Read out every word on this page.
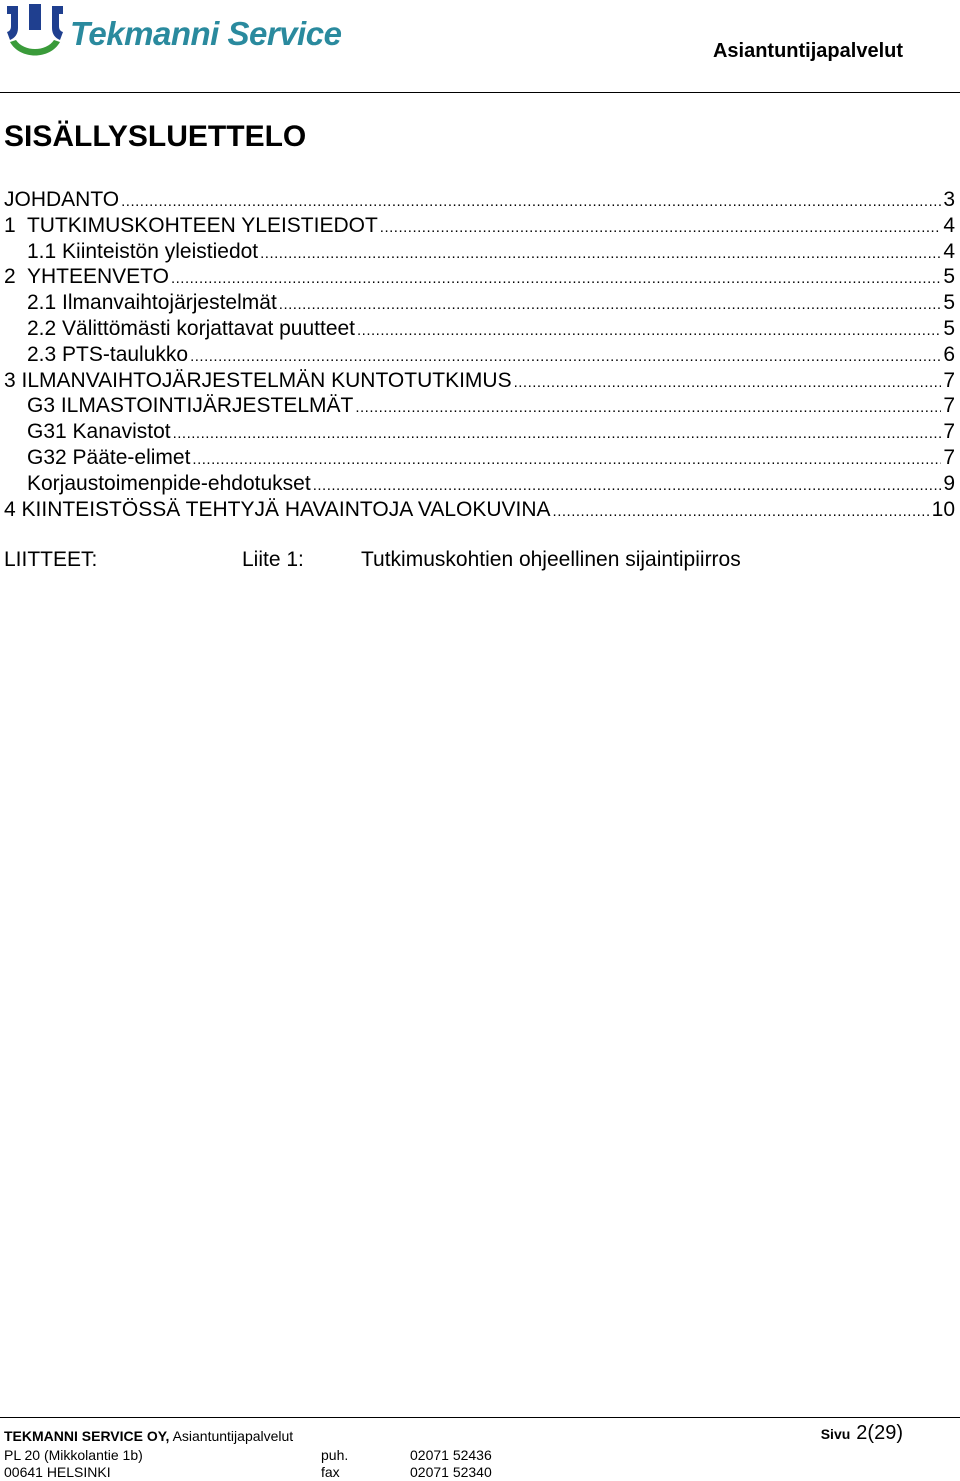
Tekmanni Service	Asiantuntijapalvelut
SISÄLLYSLUETTELO
JOHDANTO .....	3
1  TUTKIMUSKOHTEEN YLEISTIEDOT .....	4
1.1 Kiinteistön yleistiedot .....	4
2  YHTEENVETO .....	5
2.1 Ilmanvaihtojärjestelmät .....	5
2.2 Välittömästi korjattavat puutteet .....	5
2.3 PTS-taulukko .....	6
3 ILMANVAIHTOJÄRJESTELMÄN KUNTOTUTKIMUS .....	7
G3 ILMASTOINTIJÄRJESTELMÄT .....	7
G31 Kanavistot .....	7
G32 Pääte-elimet .....	7
Korjaustoimenpide-ehdotukset .....	9
4 KIINTEISTÖSSÄ TEHTYJÄ HAVAINTOJA VALOKUVINA .....	10
LIITTEET:	Liite 1:	Tutkimuskohtien ohjeellinen sijaintipiirros
TEKMANNI SERVICE OY, Asiantuntijapalvelut	Sivu 2(29)
PL 20 (Mikkolantie 1b)	puh.	02071 52436
00641 HELSINKI	fax	02071 52340
